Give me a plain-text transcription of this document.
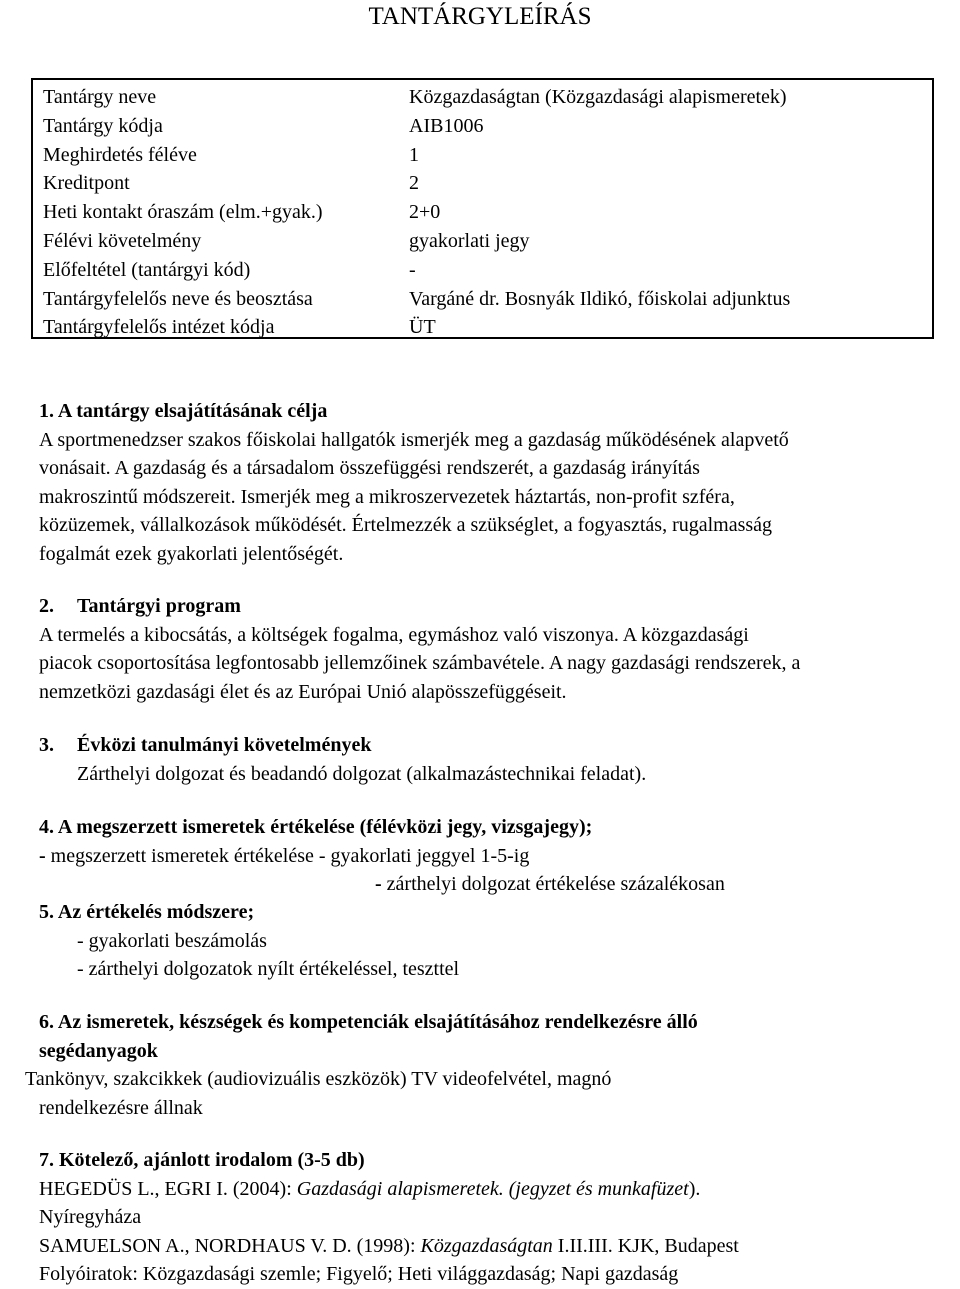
TANTÁRGYLEÍRÁS
Tantárgy neve	Közgazdaságtan (Közgazdasági alapismeretek)
Tantárgy kódja	AIB1006
Meghirdetés féléve	1
Kreditpont	2
Heti kontakt óraszám (elm.+gyak.)	2+0
Félévi követelmény	gyakorlati jegy
Előfeltétel (tantárgyi kód)	-
Tantárgyfelelős neve és beosztása	Vargáné dr. Bosnyák Ildikó, főiskolai adjunktus
Tantárgyfelelős intézet kódja	ÜT
1. A tantárgy elsajátításának célja
A sportmenedzser szakos főiskolai hallgatók ismerjék meg a gazdaság működésének alapvető
vonásait. A gazdaság és a társadalom összefüggési rendszerét, a gazdaság irányítás
makroszintű módszereit. Ismerjék meg a mikroszervezetek háztartás, non-profit szféra,
közüzemek, vállalkozások működését. Értelmezzék a szükséglet, a fogyasztás, rugalmasság
fogalmát ezek gyakorlati jelentőségét.
2. Tantárgyi program
A termelés a kibocsátás, a költségek fogalma, egymáshoz való viszonya. A közgazdasági
piacok csoportosítása legfontosabb jellemzőinek számbavétele. A nagy gazdasági rendszerek, a
nemzetközi gazdasági élet és az Európai Unió alapösszefüggéseit.
3. Évközi tanulmányi követelmények
Zárthelyi dolgozat és beadandó dolgozat (alkalmazástechnikai feladat).
4. A megszerzett ismeretek értékelése (félévközi jegy, vizsgajegy);
- megszerzett ismeretek értékelése - gyakorlati jeggyel 1-5-ig
- zárthelyi dolgozat értékelése százalékosan
5. Az értékelés módszere;
- gyakorlati beszámolás
- zárthelyi dolgozatok nyílt értékeléssel, teszttel
6. Az ismeretek, készségek és kompetenciák elsajátításához rendelkezésre álló
segédanyagok
Tankönyv, szakcikkek (audiovizuális eszközök) TV videofelvétel, magnó
rendelkezésre állnak
7. Kötelező, ajánlott irodalom (3-5 db)
HEGEDÜS L., EGRI I. (2004): Gazdasági alapismeretek. (jegyzet és munkafüzet).
Nyíregyháza
SAMUELSON A., NORDHAUS V. D. (1998): Közgazdaságtan I.II.III. KJK, Budapest
Folyóiratok: Közgazdasági szemle; Figyelő; Heti világgazdaság; Napi gazdaság
